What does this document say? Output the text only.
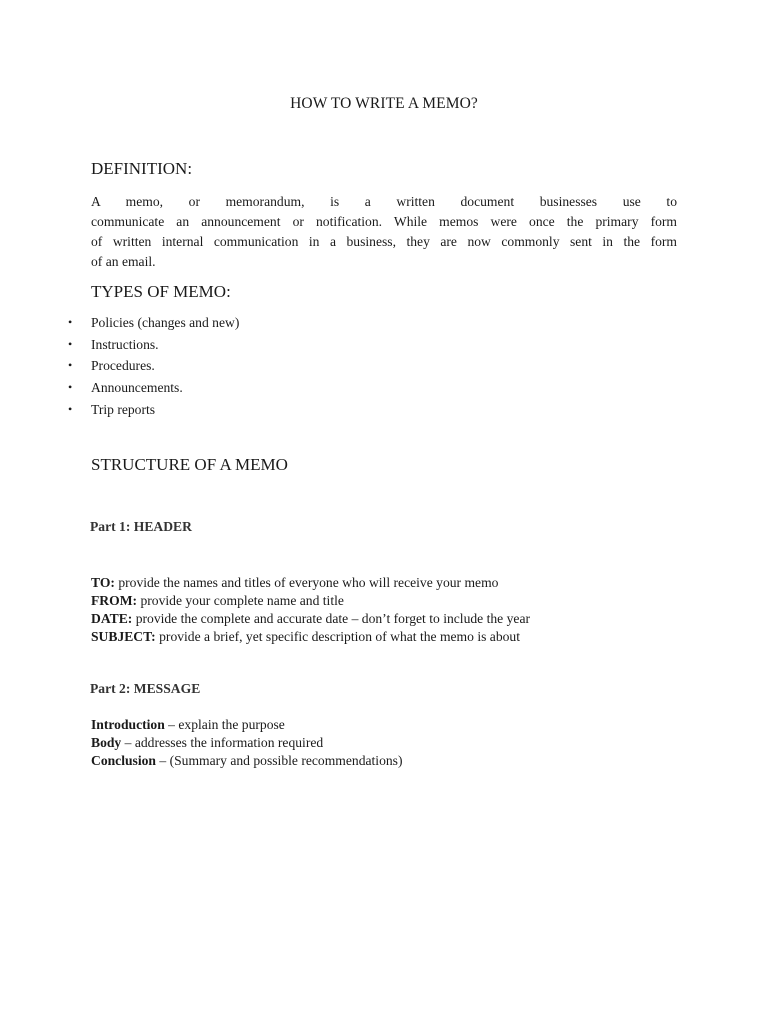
HOW TO WRITE A MEMO?
DEFINITION:
A memo, or memorandum, is a written document businesses use to
communicate an announcement or notification. While memos were once the primary form
of written internal communication in a business, they are now commonly sent in the form
of an email.
TYPES OF MEMO:
• Policies (changes and new)
• Instructions.
• Procedures.
• Announcements.
• Trip reports
STRUCTURE OF A MEMO
Part 1: HEADER
TO: provide the names and titles of everyone who will receive your memo
FROM: provide your complete name and title
DATE: provide the complete and accurate date – don’t forget to include the year
SUBJECT: provide a brief, yet specific description of what the memo is about
Part 2: MESSAGE
Introduction – explain the purpose
Body – addresses the information required
Conclusion – (Summary and possible recommendations)
